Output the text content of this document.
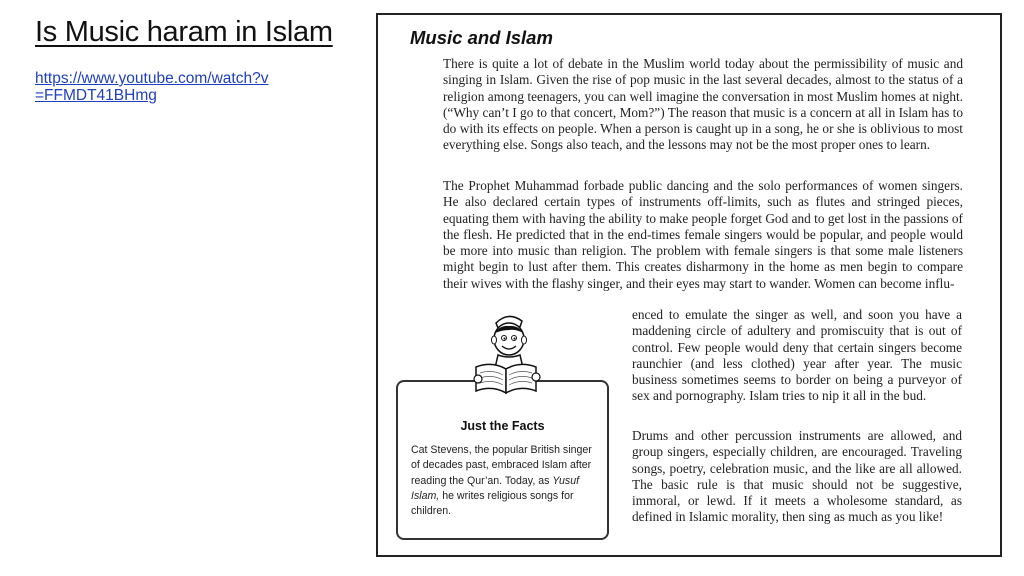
Is Music haram in Islam
https://www.youtube.com/watch?v=FFMDT41BHmg
Music and Islam

There is quite a lot of debate in the Muslim world today about the permissibility of music and singing in Islam. Given the rise of pop music in the last several decades, almost to the status of a religion among teenagers, you can well imagine the conversation in most Muslim homes at night. (“Why can’t I go to that concert, Mom?”) The reason that music is a concern at all in Islam has to do with its effects on people. When a person is caught up in a song, he or she is oblivious to most everything else. Songs also teach, and the lessons may not be the most proper ones to learn.

The Prophet Muhammad forbade public dancing and the solo performances of women singers. He also declared certain types of instruments off-limits, such as flutes and stringed pieces, equating them with having the ability to make people forget God and to get lost in the passions of the flesh. He predicted that in the end-times female singers would be popular, and people would be more into music than religion. The problem with female singers is that some male listeners might begin to lust after them. This creates disharmony in the home as men begin to compare their wives with the flashy singer, and their eyes may start to wander. Women can become influ-

enced to emulate the singer as well, and soon you have a maddening circle of adultery and promiscuity that is out of control. Few people would deny that certain singers become raunchier (and less clothed) year after year. The music business sometimes seems to border on being a purveyor of sex and pornography. Islam tries to nip it all in the bud.

Drums and other percussion instruments are allowed, and group singers, especially children, are encouraged. Traveling songs, poetry, celebration music, and the like are all allowed. The basic rule is that music should not be suggestive, immoral, or lewd. If it meets a wholesome standard, as defined in Islamic morality, then sing as much as you like!

Just the Facts
Cat Stevens, the popular British singer of decades past, embraced Islam after reading the Qur’an. Today, as Yusuf Islam, he writes religious songs for children.
